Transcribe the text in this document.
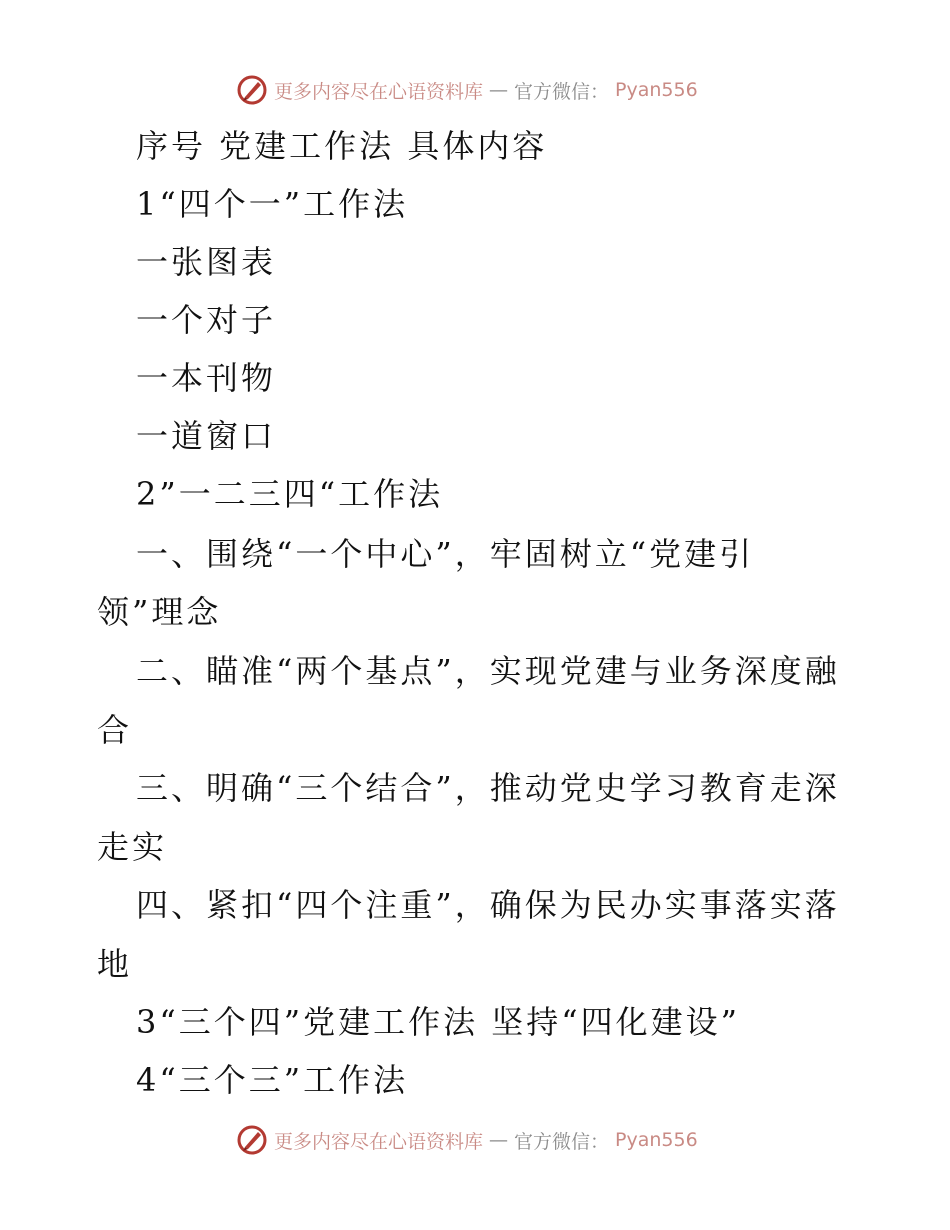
更多内容尽在心语资料库 — 官方微信： Pyan556
序号 党建工作法 具体内容
1“四个一”工作法
一张图表
一个对子
一本刊物
一道窗口
2”一二三四“工作法
一、围绕“一个中心”，牢固树立“党建引
领”理念
二、瞄准“两个基点”，实现党建与业务深度融
合
三、明确“三个结合”，推动党史学习教育走深
走实
四、紧扣“四个注重”，确保为民办实事落实落
地
3“三个四”党建工作法 坚持“四化建设”
4“三个三”工作法
更多内容尽在心语资料库 — 官方微信： Pyan556
